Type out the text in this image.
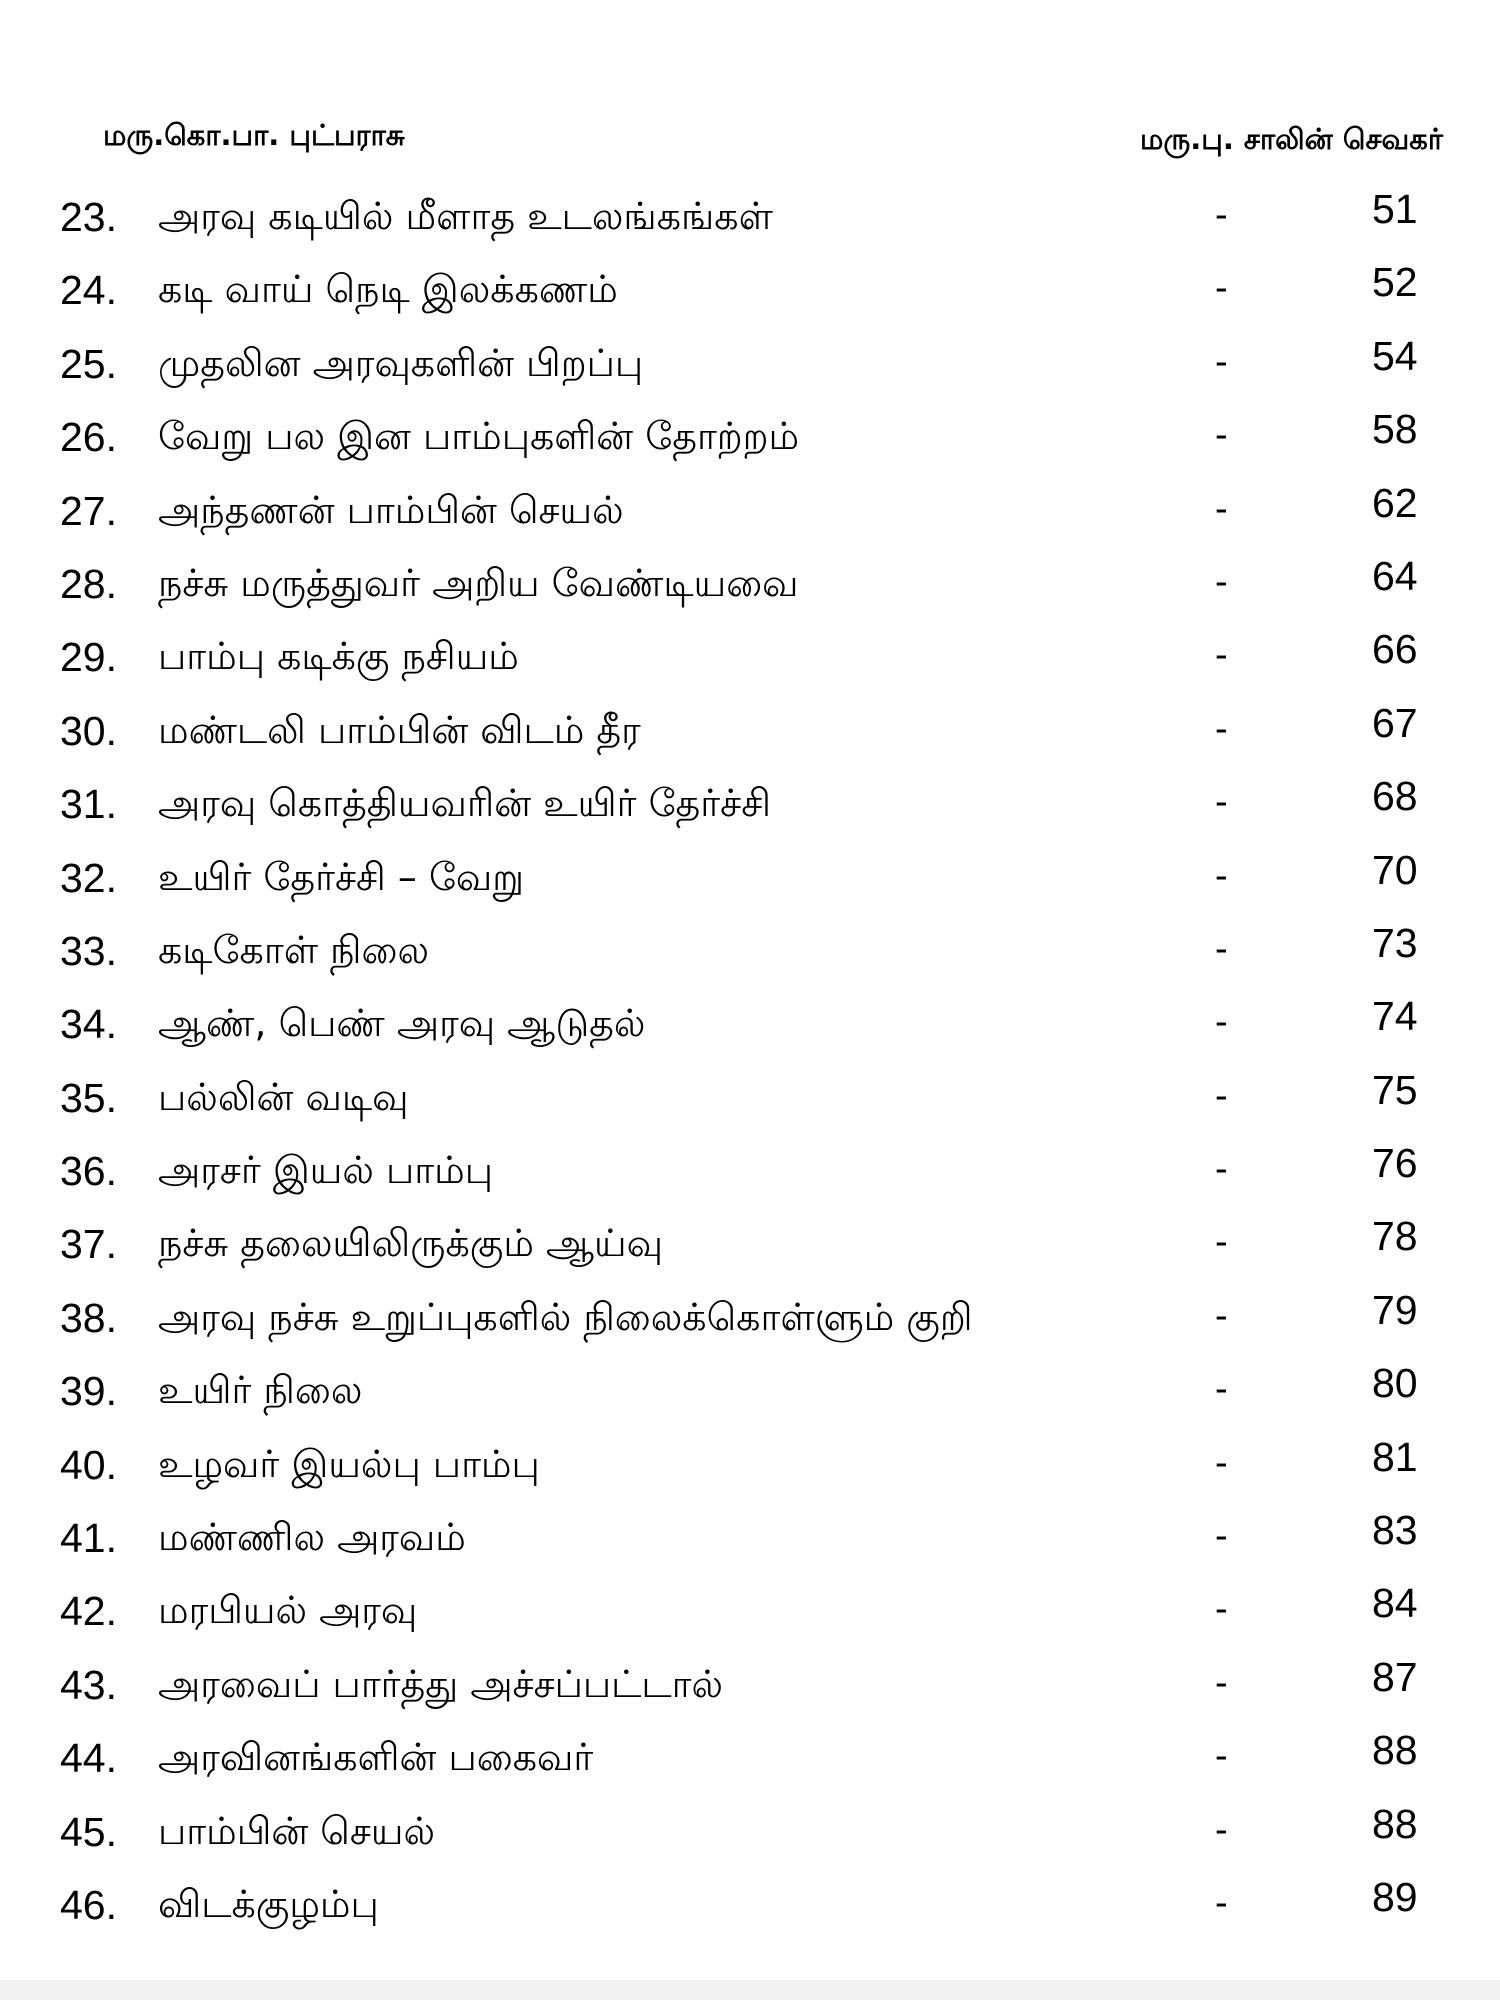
மரு.கொ.பா. புட்பராசு	மரு.பு. சாலின் செவகர்
23. அரவு கடியில் மீளாத உடலங்கங்கள்	-	51
24. கடி வாய் நெடி இலக்கணம்	-	52
25. முதலின அரவுகளின் பிறப்பு	-	54
26. வேறு பல இன பாம்புகளின் தோற்றம்	-	58
27. அந்தணன் பாம்பின் செயல்	-	62
28. நச்சு மருத்துவர் அறிய வேண்டியவை	-	64
29. பாம்பு கடிக்கு நசியம்	-	66
30. மண்டலி பாம்பின் விடம் தீர	-	67
31. அரவு கொத்தியவரின் உயிர் தேர்ச்சி	-	68
32. உயிர் தேர்ச்சி – வேறு	-	70
33. கடிகோள் நிலை	-	73
34. ஆண், பெண் அரவு ஆடுதல்	-	74
35. பல்லின் வடிவு	-	75
36. அரசர் இயல் பாம்பு	-	76
37. நச்சு தலையிலிருக்கும் ஆய்வு	-	78
38. அரவு நச்சு உறுப்புகளில் நிலைக்கொள்ளும் குறி	-	79
39. உயிர் நிலை	-	80
40. உழவர் இயல்பு பாம்பு	-	81
41. மண்ணில அரவம்	-	83
42. மரபியல் அரவு	-	84
43. அரவைப் பார்த்து அச்சப்பட்டால்	-	87
44. அரவினங்களின் பகைவர்	-	88
45. பாம்பின் செயல்	-	88
46. விடக்குழம்பு	-	89
